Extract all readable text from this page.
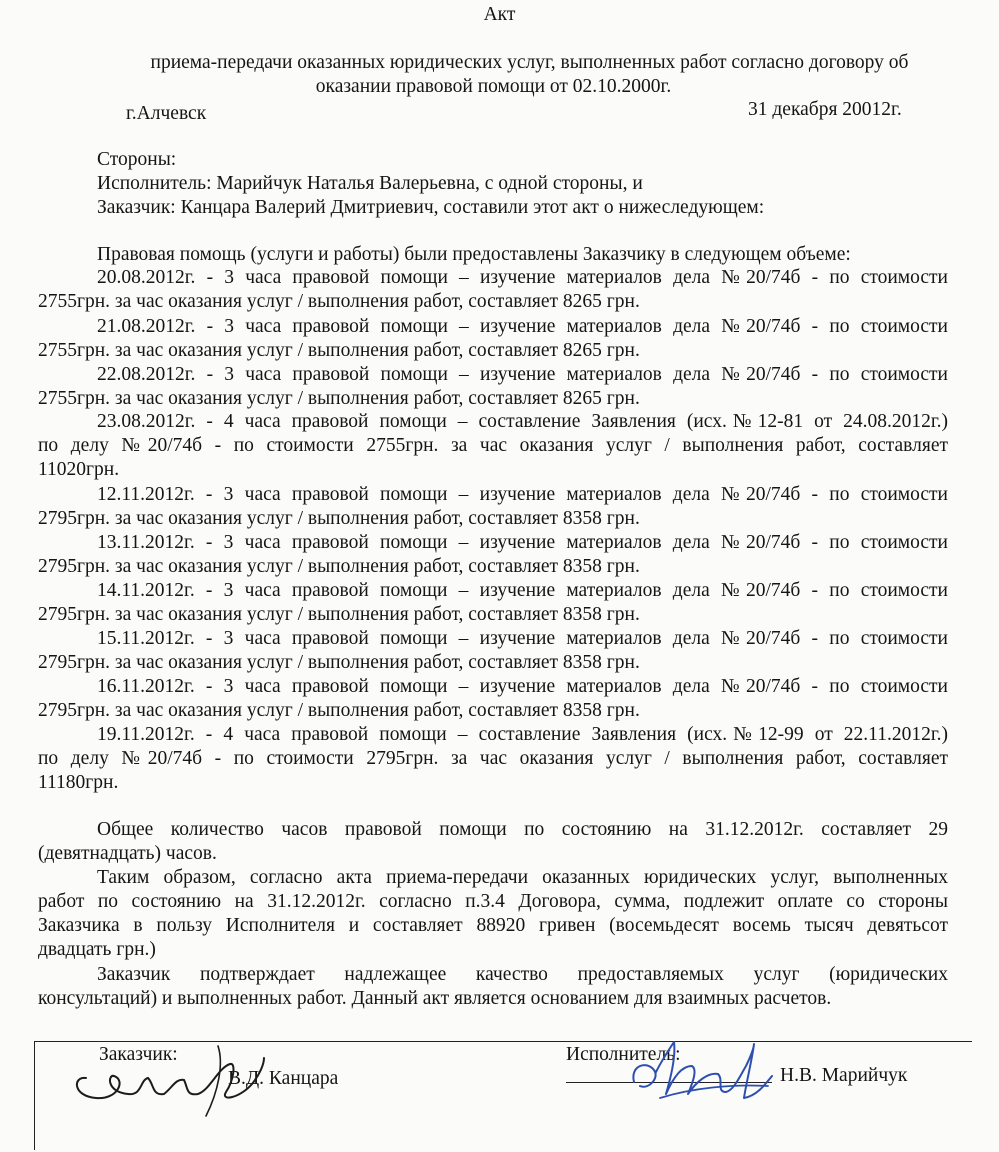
Акт
приема-передачи оказанных юридических услуг, выполненных работ согласно договору об
оказании правовой помощи от 02.10.2000г.
г.Алчевск	31 декабря 20012г.
Стороны:
Исполнитель: Марийчук Наталья Валерьевна, с одной стороны, и
Заказчик: Канцара Валерий Дмитриевич, составили этот акт о нижеследующем:
Правовая помощь (услуги и работы) были предоставлены Заказчику в следующем объеме:
20.08.2012г. - 3 часа правовой помощи – изучение материалов дела №20/74б - по стоимости
2755грн. за час оказания услуг / выполнения работ, составляет 8265 грн.
21.08.2012г. - 3 часа правовой помощи – изучение материалов дела №20/74б - по стоимости
2755грн. за час оказания услуг / выполнения работ, составляет 8265 грн.
22.08.2012г. - 3 часа правовой помощи – изучение материалов дела №20/74б - по стоимости
2755грн. за час оказания услуг / выполнения работ, составляет 8265 грн.
23.08.2012г. - 4 часа правовой помощи – составление Заявления (исх.№12-81 от 24.08.2012г.)
по делу №20/74б - по стоимости 2755грн. за час оказания услуг / выполнения работ, составляет
11020грн.
12.11.2012г. - 3 часа правовой помощи – изучение материалов дела №20/74б - по стоимости
2795грн. за час оказания услуг / выполнения работ, составляет 8358 грн.
13.11.2012г. - 3 часа правовой помощи – изучение материалов дела №20/74б - по стоимости
2795грн. за час оказания услуг / выполнения работ, составляет 8358 грн.
14.11.2012г. - 3 часа правовой помощи – изучение материалов дела №20/74б - по стоимости
2795грн. за час оказания услуг / выполнения работ, составляет 8358 грн.
15.11.2012г. - 3 часа правовой помощи – изучение материалов дела №20/74б - по стоимости
2795грн. за час оказания услуг / выполнения работ, составляет 8358 грн.
16.11.2012г. - 3 часа правовой помощи – изучение материалов дела №20/74б - по стоимости
2795грн. за час оказания услуг / выполнения работ, составляет 8358 грн.
19.11.2012г. - 4 часа правовой помощи – составление Заявления (исх.№12-99 от 22.11.2012г.)
по делу №20/74б - по стоимости 2795грн. за час оказания услуг / выполнения работ, составляет
11180грн.
Общее количество часов правовой помощи по состоянию на 31.12.2012г. составляет 29
(девятнадцать) часов.
Таким образом, согласно акта приема-передачи оказанных юридических услуг, выполненных
работ по состоянию на 31.12.2012г. согласно п.3.4 Договора, сумма, подлежит оплате со стороны
Заказчика в пользу Исполнителя и составляет 88920 гривен (восемьдесят восемь тысяч девятьсот
двадцать грн.)
Заказчик подтверждает надлежащее качество предоставляемых услуг (юридических
консультаций) и выполненных работ. Данный акт является основанием для взаимных расчетов.
Заказчик:
В.Д. Канцара
Исполнитель:
Н.В. Марийчук
